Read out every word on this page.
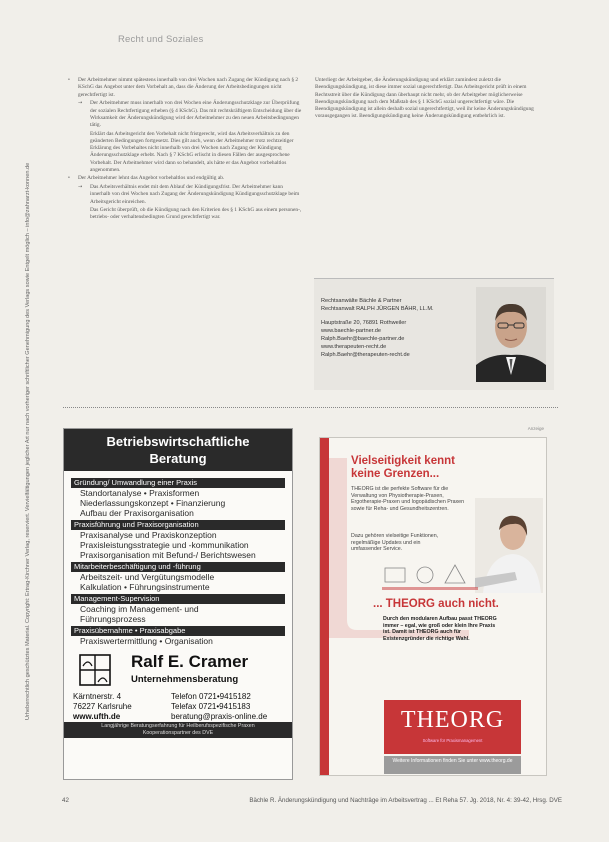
Urheberrechtlich geschütztes Material. Copyright: Ertrag-Kirchner Verlag, reserviert. Vervielfältigungen jeglicher Art nur nach vorheriger schriftlicher Genehmigung des Verlags sowie Entgelt möglich – info@zahnarzt-konnen.de
Recht und Soziales
• Der Arbeitnehmer nimmt spätestens innerhalb von drei Wochen nach Zugang der Kündigung nach § 2 KSchG das Angebot unter dem Vorbehalt an, dass die Änderung der Arbeitsbedingungen nicht gerechtfertigt ist.
→ Der Arbeitnehmer muss innerhalb von drei Wochen eine Änderungsschutzklage zur Überprüfung der sozialen Rechtfertigung erheben (§ 4 KSchG). Das mit rechtskräftigem Entscheidung über die Wirksamkeit der Änderungskündigung wird der Arbeitnehmer zu den neuen Arbeitsbedingungen tätig.
Erklärt das Arbeitsgericht den Vorbehalt nicht fristgerecht, wird das Arbeitsverhältnis zu den geänderten Bedingungen fortgesetzt. Dies gilt auch, wenn der Arbeitnehmer trotz rechtzeitiger Erklärung des Vorbehaltes nicht innerhalb von drei Wochen nach Zugang der Kündigung Änderungsschutzklage erhebt. Nach § 7 KSchG erlischt in diesen Fällen der ausgesprochene Vorbehalt. Der Arbeitnehmer wird dann so behandelt, als hätte er das Angebot vorbehaltlos angenommen.
• Der Arbeitnehmer lehnt das Angebot vorbehaltlos und endgültig ab.
→ Das Arbeitsverhältnis endet mit dem Ablauf der Kündigungsfrist. Der Arbeitnehmer kann innerhalb von drei Wochen nach Zugang der Änderungskündigung Kündigungsschutzklage beim Arbeitsgericht einreichen.
Das Gericht überprüft, ob die Kündigung nach den Kriterien des § 1 KSchG aus einem personen-, betriebs- oder verhaltensbedingten Grund gerechtfertigt war.
Unterliegt der Arbeitgeber, die Änderungskündigung und erklärt zumindest zuletzt die Beendigungskündigung, ist diese immer sozial ungerechtfertigt. Das Arbeitsgericht prüft in einem Rechtsstreit über die Kündigung dann überhaupt nicht mehr, ob der Arbeitgeber möglicherweise Beendigungskündigung nach dem Maßstab des § 1 KSchG sozial ungerechtfertigt wäre. Die Beendigungskündigung ist allein deshalb sozial ungerechtfertigt, weil ihr keine Änderungskündigung vorausgegangen ist. Beendigungskündigung keine Änderungskündigung entbehrlich ist.
Rechtsanwälte Bächle & Partner
Rechtsanwalt RALPH JÜRGEN BÄHR, LL.M.
Hauptstraße 20, 76891 Rothweiler
www.baechle-partner.de
Ralph.Baehr@baechle-partner.de
www.therapeuten-recht.de
Ralph.Baehr@therapeuten-recht.de
Betriebswirtschaftliche
Beratung
Gründung/ Umwandlung einer Praxis
Standortanalyse • Praxisformen
Niederlassungskonzept • Finanzierung
Aufbau der Praxisorganisation
Praxisführung und Praxisorganisation
Praxisanalyse und Praxiskonzeption
Praxisleistungsstrategie und -kommunikation
Praxisorganisation mit Befund-/ Berichtswesen
Mitarbeiterbeschäftigung und -führung
Arbeitszeit- und Vergütungsmodelle
Kalkulation • Führungsinstrumente
Management-Supervision
Coaching im Management- und
Führungsprozess
Praxisübernahme • Praxisabgabe
Praxiswertermittlung • Organisation
Ralf E. Cramer
Unternehmensberatung
Kärntnerstr. 4
76227 Karlsruhe
www.ufth.de
Telefon 0721•9415182
Telefax 0721•9415183
beratung@praxis-online.de
Langjährige Beratungserfahrung für Heilberufsspezifische Praxen
Kooperationspartner des DVE
Anzeige
Vielseitigkeit kennt keine Grenzen...
THEORG ist die perfekte Software für die Verwaltung von Physiotherapie-Praxen, Ergotherapie-Praxen und logopädischen Praxen sowie für Reha- und Gesundheitszentren.
Dazu gehören vielseitige Funktionen, regelmäßige Updates und ein umfassender Service.
... THEORG auch nicht.
Durch den modularen Aufbau passt THEORG immer – egal, wie groß oder klein Ihre Praxis ist. Damit ist THEORG auch für Existenzgründer die richtige Wahl.
THEORG
Software für Praxismanagement
Weitere Informationen finden Sie unter www.theorg.de
42	Bächle R. Änderungskündigung und Nachträge im Arbeitsvertrag ... Et Reha 57. Jg. 2018, Nr. 4: 39-42, Hrsg. DVE
